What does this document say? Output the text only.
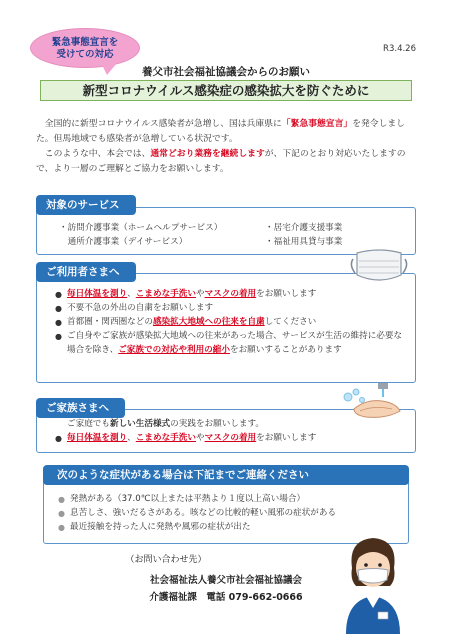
緊急事態宣言を
受けての対応	R3.4.26
養父市社会福祉協議会からのお願い
新型コロナウイルス感染症の感染拡大を防ぐために

全国的に新型コロナウイルス感染者が急増し、国は兵庫県に「緊急事態宣言」を発令しました。但馬地域でも感染者が急増している状況です。

このような中、本会では、通常どおり業務を継続しますが、下記のとおり対応いたしますので、より一層のご理解とご協力をお願いします。

・訪問介護事業（ホームヘルプサービス）	・居宅介護支援事業
　通所介護事業（デイサービス）	・福祉用具貸与事業
対象のサービス
● 毎日体温を測り、こまめな手洗いやマスクの着用をお願いします
● 不要不急の外出の自粛をお願いします
● 首都圏・関西圏などの感染拡大地域への往来を自粛してください
● ご自身やご家族が感染拡大地域への往来があった場合、サービスが生活の維持に必要な場合を除き、ご家族での対応や利用の縮小をお願いすることがあります
ご利用者さまへ
ご家庭でも新しい生活様式の実践をお願いします。
● 毎日体温を測り、こまめな手洗いやマスクの着用をお願いします
ご家族さまへ
● 発熱がある（37.0℃以上または平熱より１度以上高い場合）
● 息苦しさ、強いだるさがある。咳などの比較的軽い風邪の症状がある
● 最近接触を持った人に発熱や風邪の症状が出た
次のような症状がある場合は下記までご連絡ください
（お問い合わせ先）
社会福祉法人養父市社会福祉協議会
介護福祉課　電話 079-662-0666
